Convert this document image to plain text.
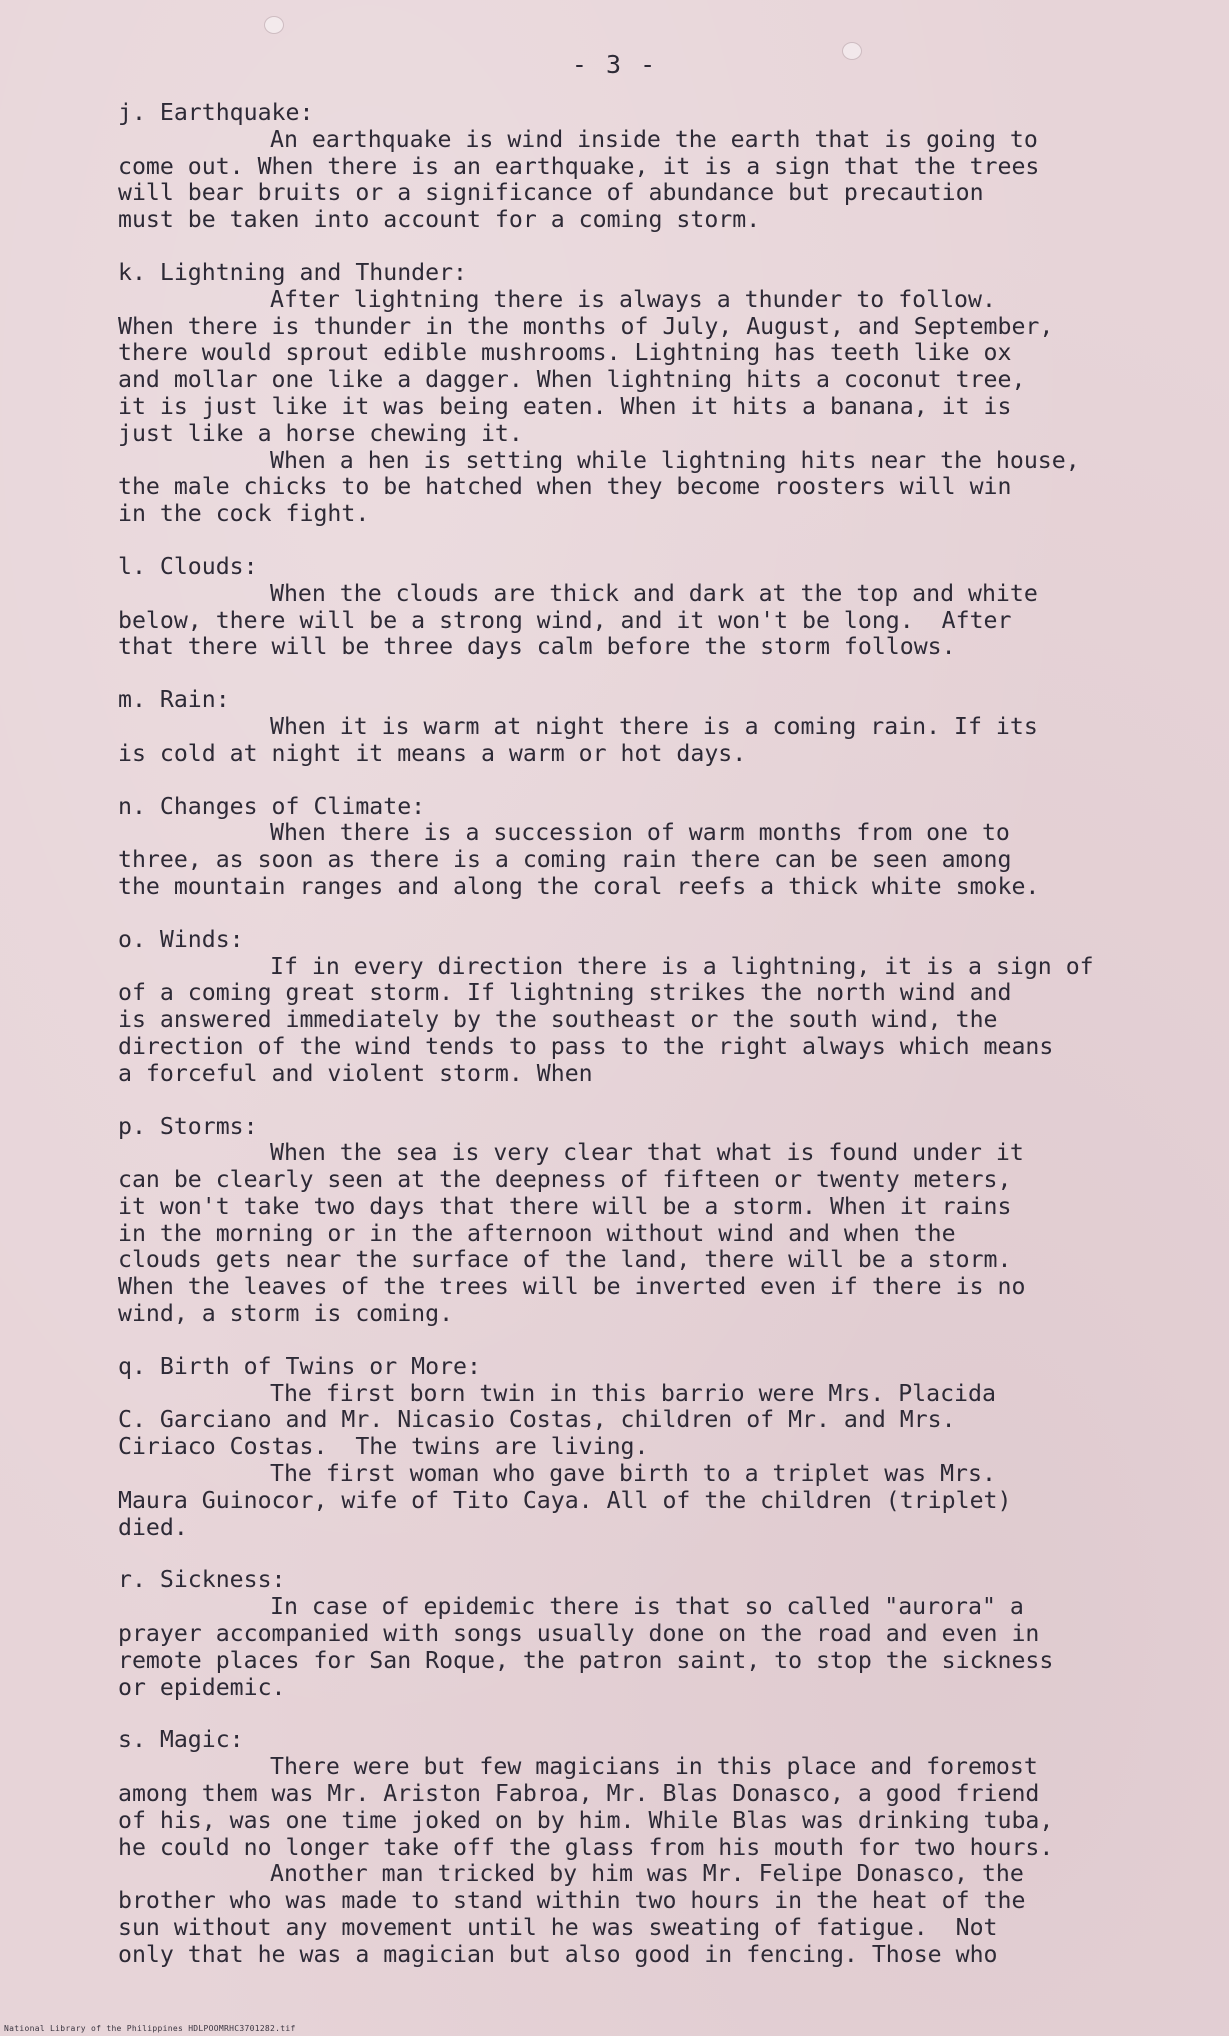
- 3 -
j. Earthquake:
An earthquake is wind inside the earth that is going to
come out. When there is an earthquake, it is a sign that the trees
will bear bruits or a significance of abundance but precaution
must be taken into account for a coming storm.
k. Lightning and Thunder:
After lightning there is always a thunder to follow.
When there is thunder in the months of July, August, and September,
there would sprout edible mushrooms. Lightning has teeth like ox
and mollar one like a dagger. When lightning hits a coconut tree,
it is just like it was being eaten. When it hits a banana, it is
just like a horse chewing it.
When a hen is setting while lightning hits near the house,
the male chicks to be hatched when they become roosters will win
in the cock fight.
l. Clouds:
When the clouds are thick and dark at the top and white
below, there will be a strong wind, and it won't be long.  After
that there will be three days calm before the storm follows.
m. Rain:
When it is warm at night there is a coming rain. If its
is cold at night it means a warm or hot days.
n. Changes of Climate:
When there is a succession of warm months from one to
three, as soon as there is a coming rain there can be seen among
the mountain ranges and along the coral reefs a thick white smoke.
o. Winds:
If in every direction there is a lightning, it is a sign of
of a coming great storm. If lightning strikes the north wind and
is answered immediately by the southeast or the south wind, the
direction of the wind tends to pass to the right always which means
a forceful and violent storm. When
p. Storms:
When the sea is very clear that what is found under it
can be clearly seen at the deepness of fifteen or twenty meters,
it won't take two days that there will be a storm. When it rains
in the morning or in the afternoon without wind and when the
clouds gets near the surface of the land, there will be a storm.
When the leaves of the trees will be inverted even if there is no
wind, a storm is coming.
q. Birth of Twins or More:
The first born twin in this barrio were Mrs. Placida
C. Garciano and Mr. Nicasio Costas, children of Mr. and Mrs.
Ciriaco Costas.  The twins are living.
The first woman who gave birth to a triplet was Mrs.
Maura Guinocor, wife of Tito Caya. All of the children (triplet)
died.
r. Sickness:
In case of epidemic there is that so called "aurora" a
prayer accompanied with songs usually done on the road and even in
remote places for San Roque, the patron saint, to stop the sickness
or epidemic.
s. Magic:
There were but few magicians in this place and foremost
among them was Mr. Ariston Fabroa, Mr. Blas Donasco, a good friend
of his, was one time joked on by him. While Blas was drinking tuba,
he could no longer take off the glass from his mouth for two hours.
Another man tricked by him was Mr. Felipe Donasco, the
brother who was made to stand within two hours in the heat of the
sun without any movement until he was sweating of fatigue.  Not
only that he was a magician but also good in fencing. Those who
National Library of the Philippines HDLPOOMRHC3701282.tif
